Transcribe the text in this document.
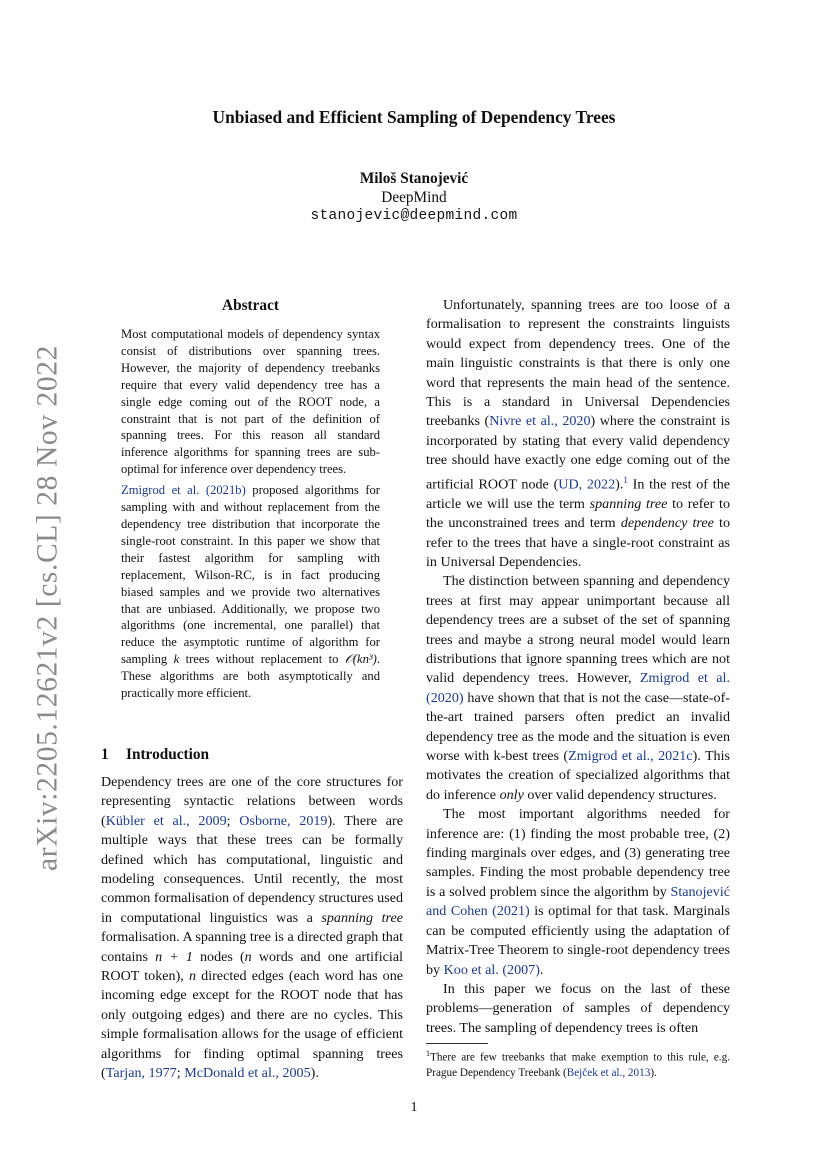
Unbiased and Efficient Sampling of Dependency Trees
Miloš Stanojević
DeepMind
stanojevic@deepmind.com
arXiv:2205.12621v2 [cs.CL] 28 Nov 2022
Abstract

Most computational models of dependency syntax consist of distributions over spanning trees. However, the majority of dependency treebanks require that every valid dependency tree has a single edge coming out of the ROOT node, a constraint that is not part of the definition of spanning trees. For this reason all standard inference algorithms for spanning trees are sub-optimal for inference over dependency trees.

Zmigrod et al. (2021b) proposed algorithms for sampling with and without replacement from the dependency tree distribution that incorporate the single-root constraint. In this paper we show that their fastest algorithm for sampling with replacement, Wilson-RC, is in fact producing biased samples and we provide two alternatives that are unbiased. Additionally, we propose two algorithms (one incremental, one parallel) that reduce the asymptotic runtime of algorithm for sampling k trees without replacement to 𝒪(kn³). These algorithms are both asymptotically and practically more efficient.

1 Introduction

Dependency trees are one of the core structures for representing syntactic relations between words (Kübler et al., 2009; Osborne, 2019). There are multiple ways that these trees can be formally defined which has computational, linguistic and modeling consequences. Until recently, the most common formalisation of dependency structures used in computational linguistics was a spanning tree formalisation. A spanning tree is a directed graph that contains n + 1 nodes (n words and one artificial ROOT token), n directed edges (each word has one incoming edge except for the ROOT node that has only outgoing edges) and there are no cycles. This simple formalisation allows for the usage of efficient algorithms for finding optimal spanning trees (Tarjan, 1977; McDonald et al., 2005).

Unfortunately, spanning trees are too loose of a formalisation to represent the constraints linguists would expect from dependency trees. One of the main linguistic constraints is that there is only one word that represents the main head of the sentence. This is a standard in Universal Dependencies treebanks (Nivre et al., 2020) where the constraint is incorporated by stating that every valid dependency tree should have exactly one edge coming out of the artificial ROOT node (UD, 2022).$^1$ In the rest of the article we will use the term spanning tree to refer to the unconstrained trees and term dependency tree to refer to the trees that have a single-root constraint as in Universal Dependencies.

The distinction between spanning and dependency trees at first may appear unimportant because all dependency trees are a subset of the set of spanning trees and maybe a strong neural model would learn distributions that ignore spanning trees which are not valid dependency trees. However, Zmigrod et al. (2020) have shown that that is not the case—state-of-the-art trained parsers often predict an invalid dependency tree as the mode and the situation is even worse with k-best trees (Zmigrod et al., 2021c). This motivates the creation of specialized algorithms that do inference only over valid dependency structures.

The most important algorithms needed for inference are: (1) finding the most probable tree, (2) finding marginals over edges, and (3) generating tree samples. Finding the most probable dependency tree is a solved problem since the algorithm by Stanojević and Cohen (2021) is optimal for that task. Marginals can be computed efficiently using the adaptation of Matrix-Tree Theorem to single-root dependency trees by Koo et al. (2007).

In this paper we focus on the last of these problems—generation of samples of dependency trees. The sampling of dependency trees is often

$^1$There are few treebanks that make exemption to this rule, e.g. Prague Dependency Treebank (Bejček et al., 2013).
1
